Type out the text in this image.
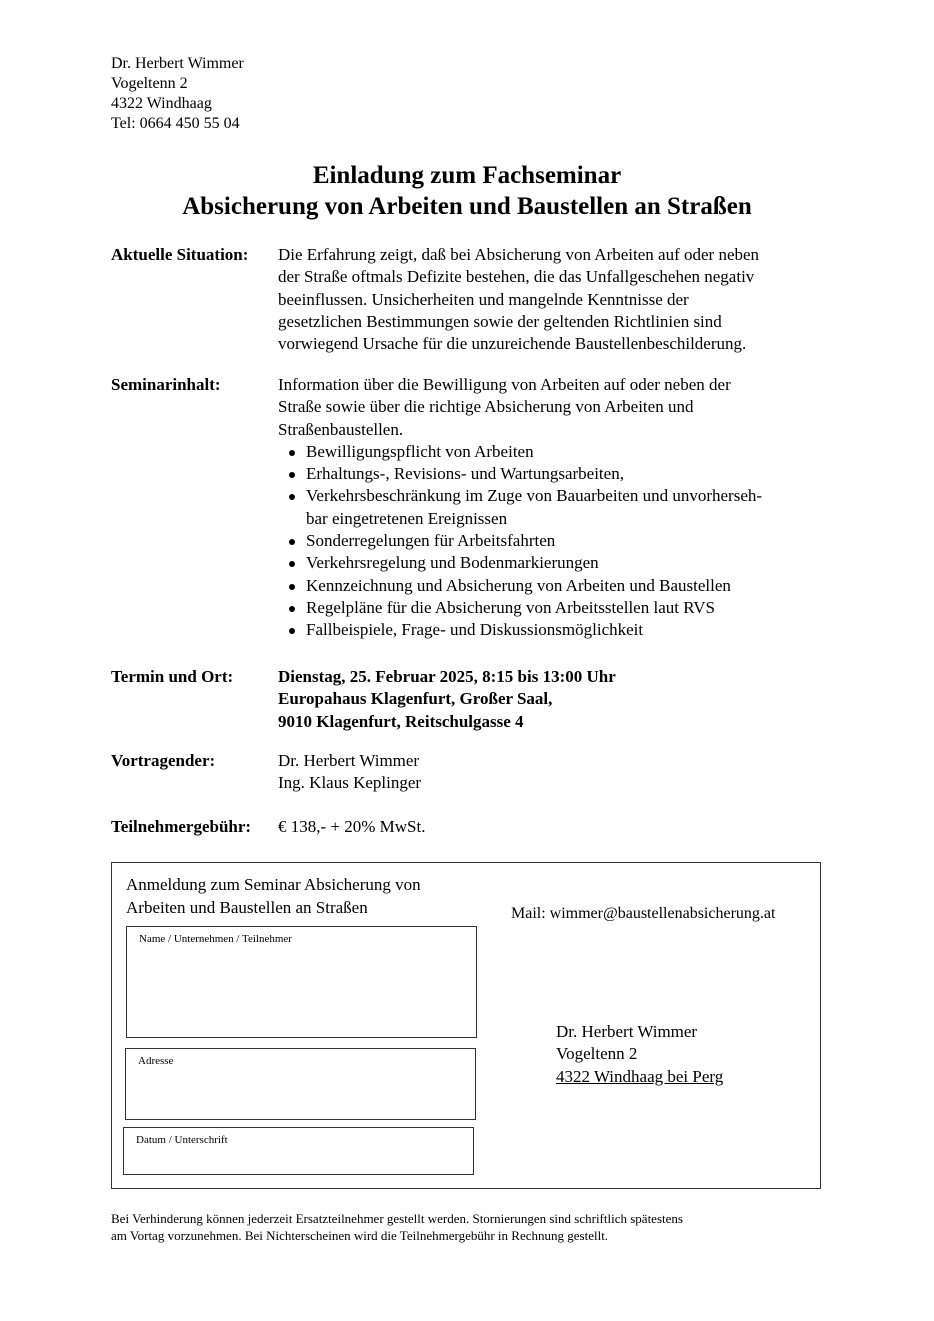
Dr. Herbert Wimmer
Vogeltenn 2
4322 Windhaag
Tel: 0664 450 55 04
Einladung zum Fachseminar
Absicherung von Arbeiten und Baustellen an Straßen
Aktuelle Situation: Die Erfahrung zeigt, daß bei Absicherung von Arbeiten auf oder neben
der Straße oftmals Defizite bestehen, die das Unfallgeschehen negativ
beeinflussen. Unsicherheiten und mangelnde Kenntnisse der
gesetzlichen Bestimmungen sowie der geltenden Richtlinien sind
vorwiegend Ursache für die unzureichende Baustellenbeschilderung.
Seminarinhalt:	Information über die Bewilligung von Arbeiten auf oder neben der
Straße sowie über die richtige Absicherung von Arbeiten und
Straßenbaustellen.
Bewilligungspflicht von Arbeiten
Erhaltungs-, Revisions- und Wartungsarbeiten,
Verkehrsbeschränkung im Zuge von Bauarbeiten und unvorherseh-
bar eingetretenen Ereignissen
Sonderregelungen für Arbeitsfahrten
Verkehrsregelung und Bodenmarkierungen
Kennzeichnung und Absicherung von Arbeiten und Baustellen
Regelpläne für die Absicherung von Arbeitsstellen laut RVS
Fallbeispiele, Frage- und Diskussionsmöglichkeit
Termin und Ort:	Dienstag, 25. Februar 2025, 8:15 bis 13:00 Uhr
Europahaus Klagenfurt, Großer Saal,
9010 Klagenfurt, Reitschulgasse 4
Vortragender:	Dr. Herbert Wimmer
Ing. Klaus Keplinger
Teilnehmergebühr: € 138,- + 20% MwSt.
Anmeldung zum Seminar Absicherung von
Arbeiten und Baustellen an Straßen	Mail: wimmer@baustellenabsicherung.at
Name / Unternehmen / Teilnehmer
Adresse
Datum / Unterschrift
Dr. Herbert Wimmer
Vogeltenn 2
4322 Windhaag bei Perg
Bei Verhinderung können jederzeit Ersatzteilnehmer gestellt werden. Stornierungen sind schriftlich spätestens
am Vortag vorzunehmen. Bei Nichterscheinen wird die Teilnehmergebühr in Rechnung gestellt.
